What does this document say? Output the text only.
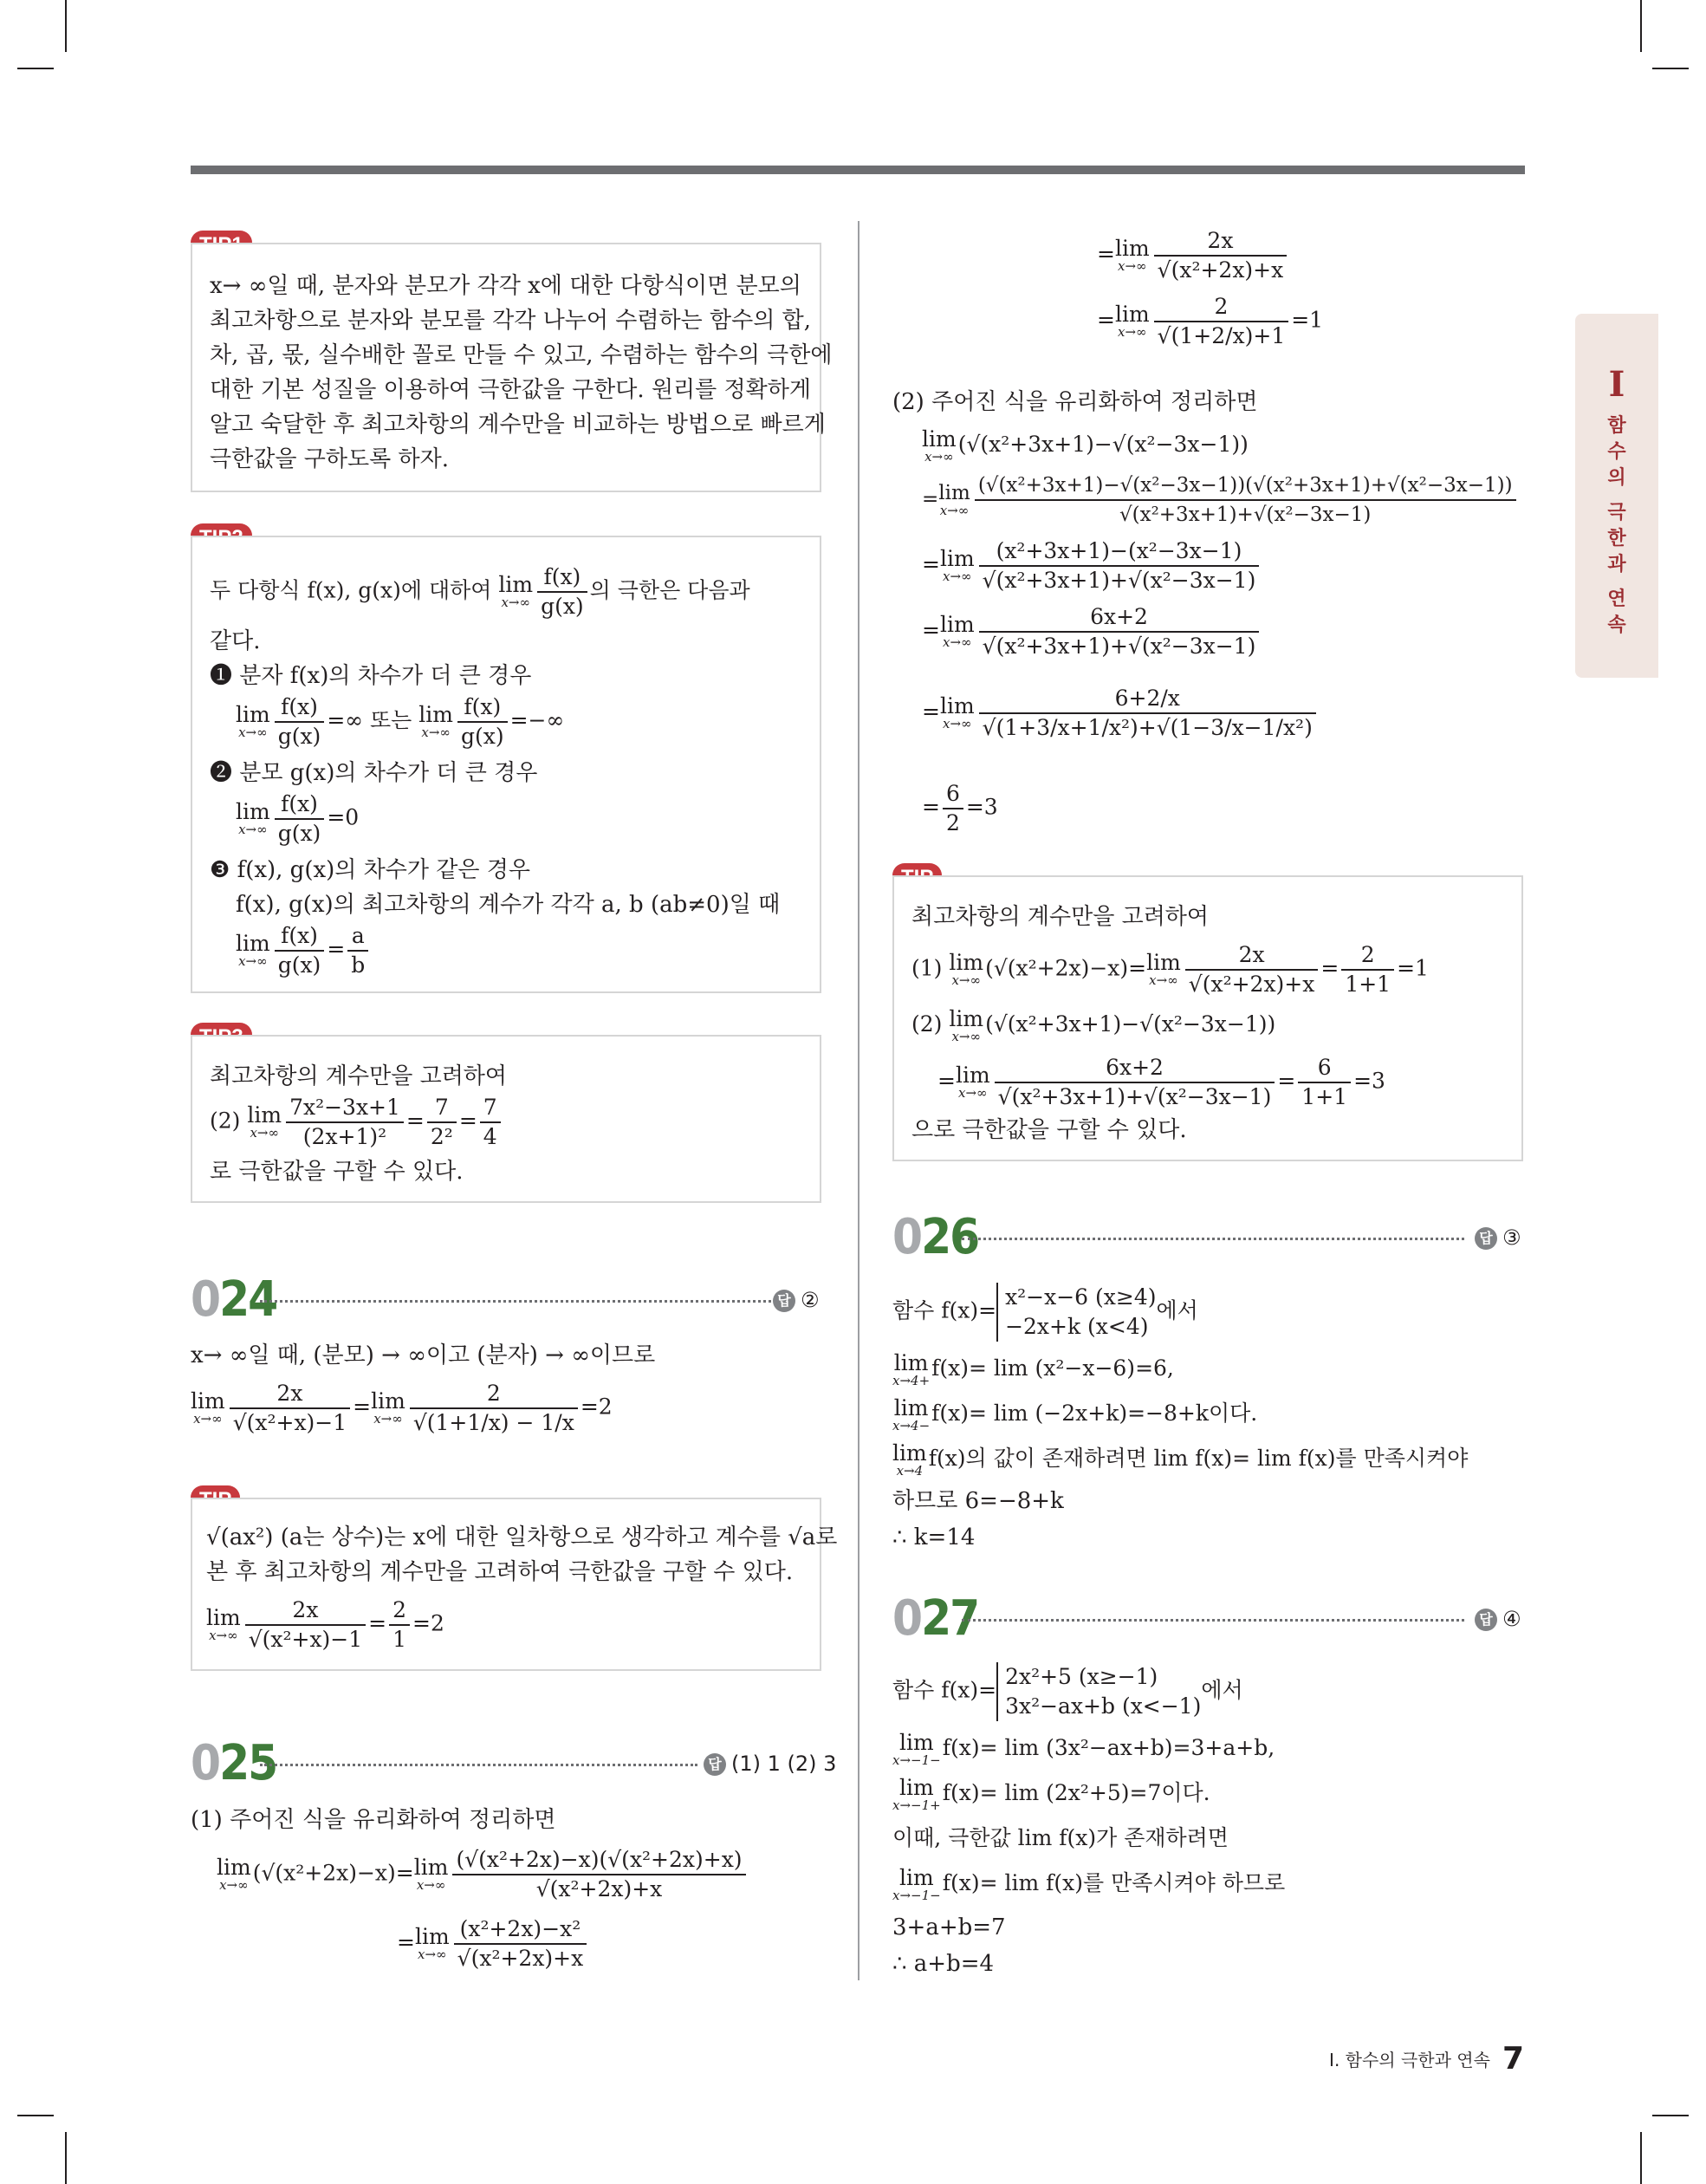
I
함
수
의
극
한
과
연
속
x→ ∞일 때, 분자와 분모가 각각 x에 대한 다항식이면 분모의
최고차항으로 분자와 분모를 각각 나누어 수렴하는 함수의 합,
차, 곱, 몫, 실수배한 꼴로 만들 수 있고, 수렴하는 함수의 극한에
대한 기본 성질을 이용하여 극한값을 구한다. 원리를 정확하게
알고 숙달한 후 최고차항의 계수만을 비교하는 방법으로 빠르게
극한값을 구하도록 하자.
두 다항식 f(x), g(x)에 대하여 lim
$x\to\infty \frac{f(x)}{g(x)}$ 의 극한은 다음과
같다.
❶ 분자 f(x)의 차수가 더 큰 경우
lim
$x\to\infty \frac{f(x)}{g(x)}$ =∞ 또는 lim
$x\to\infty \frac{f(x)}{g(x)}$ =−∞
❷ 분모 g(x)의 차수가 더 큰 경우
lim
$x\to\infty \frac{f(x)}{g(x)} =0$
❸ f(x), g(x)의 차수가 같은 경우
f(x), g(x)의 최고차항의 계수가 각각 a, b (ab≠0)일 때
lim
$x\to\infty \frac{f(x)}{g(x)} = \frac{a}{b}$
최고차항의 계수만을 고려하여
(2) lim
$x\to\infty \frac{\text{7x²−3x+1}}{\text{(2x+1)²}} = \frac{7}{\text{2²}} = \frac{7}{4}$
로 극한값을 구할 수 있다.
024	답 ②
x→ ∞일 때, (분모) → ∞이고 (분자) → ∞이므로
lim
$x\to\infty \frac{2x}{\text{√(x²+x)−1}} =\lim$
$x\to\infty \frac{2}{√(1+1/x) - 1/x} =2$
√(ax²) (a는 상수)는 x에 대한 일차항으로 생각하고 계수를 √a로
본 후 최고차항의 계수만을 고려하여 극한값을 구할 수 있다.
lim
$x\to\infty \frac{2x}{\text{√(x²+x)−1}} = \frac{2}{1} =2$
025	답 (1) 1 (2) 3
(1) 주어진 식을 유리화하여 정리하면
lim
x→∞ (√(x²+2x)−x)=lim
$x\to\infty \frac{\text{(√(x²+2x)−x)(√(x²+2x)+x)}}{\text{√(x²+2x)+x}}$
=lim
$x\to\infty \frac{\text{(x²+2x)−x²}}{\text{√(x²+2x)+x}}$
=lim
$x\to\infty \frac{2x}{\text{√(x²+2x)+x}}$
=lim
$x\to\infty \frac{2}{√(1+2/x)+1} =1$
(2) 주어진 식을 유리화하여 정리하면
lim
x→∞ (√(x²+3x+1)−√(x²−3x−1))
=lim
$x\to\infty \frac{\text{(√(x²+3x+1)−√(x²−3x−1))(√(x²+3x+1)+√(x²−3x−1))}}{\text{√(x²+3x+1)+√(x²−3x−1)}}$
=lim
$x\to\infty \frac{\text{(x²+3x+1)−(x²−3x−1)}}{\text{√(x²+3x+1)+√(x²−3x−1)}}$
=lim
$x\to\infty \frac{6x+2}{\text{√(x²+3x+1)+√(x²−3x−1)}}$
=lim
$x\to\infty \frac{6+2/x}{\text{√(1+3/x+1/x²)+√(1−3/x−1/x²)}}$
= $\frac{6}{2} =3$
최고차항의 계수만을 고려하여
(1) lim
x→∞ (√(x²+2x)−x)=lim
$x\to\infty \frac{2x}{\text{√(x²+2x)+x}} = \frac{2}{1+1} =1$
(2) lim
x→∞ (√(x²+3x+1)−√(x²−3x−1))
=lim
$x\to\infty \frac{6x+2}{\text{√(x²+3x+1)+√(x²−3x−1)}} = \frac{6}{1+1} =3$
으로 극한값을 구할 수 있다.
026	답 ③
함수 f(x)=
x²−x−6 (x≥4)
−2x+k (x<4)
에서
lim
x→4+ f(x)= lim (x²−x−6)=6,
lim
x→4− f(x)= lim (−2x+k)=−8+k이다.
lim
x→4 f(x)의 값이 존재하려면 lim f(x)= lim f(x)를 만족시켜야
하므로 6=−8+k
∴ k=14
027	답 ④
함수 f(x)=
2x²+5 (x≥−1)
3x²−ax+b (x<−1)
에서
lim
x→−1− f(x)= lim (3x²−ax+b)=3+a+b,
lim
x→−1+ f(x)= lim (2x²+5)=7이다.
이때, 극한값 lim f(x)가 존재하려면
lim
x→−1− f(x)= lim f(x)를 만족시켜야 하므로
3+a+b=7
∴ a+b=4
I. 함수의 극한과 연속 7
